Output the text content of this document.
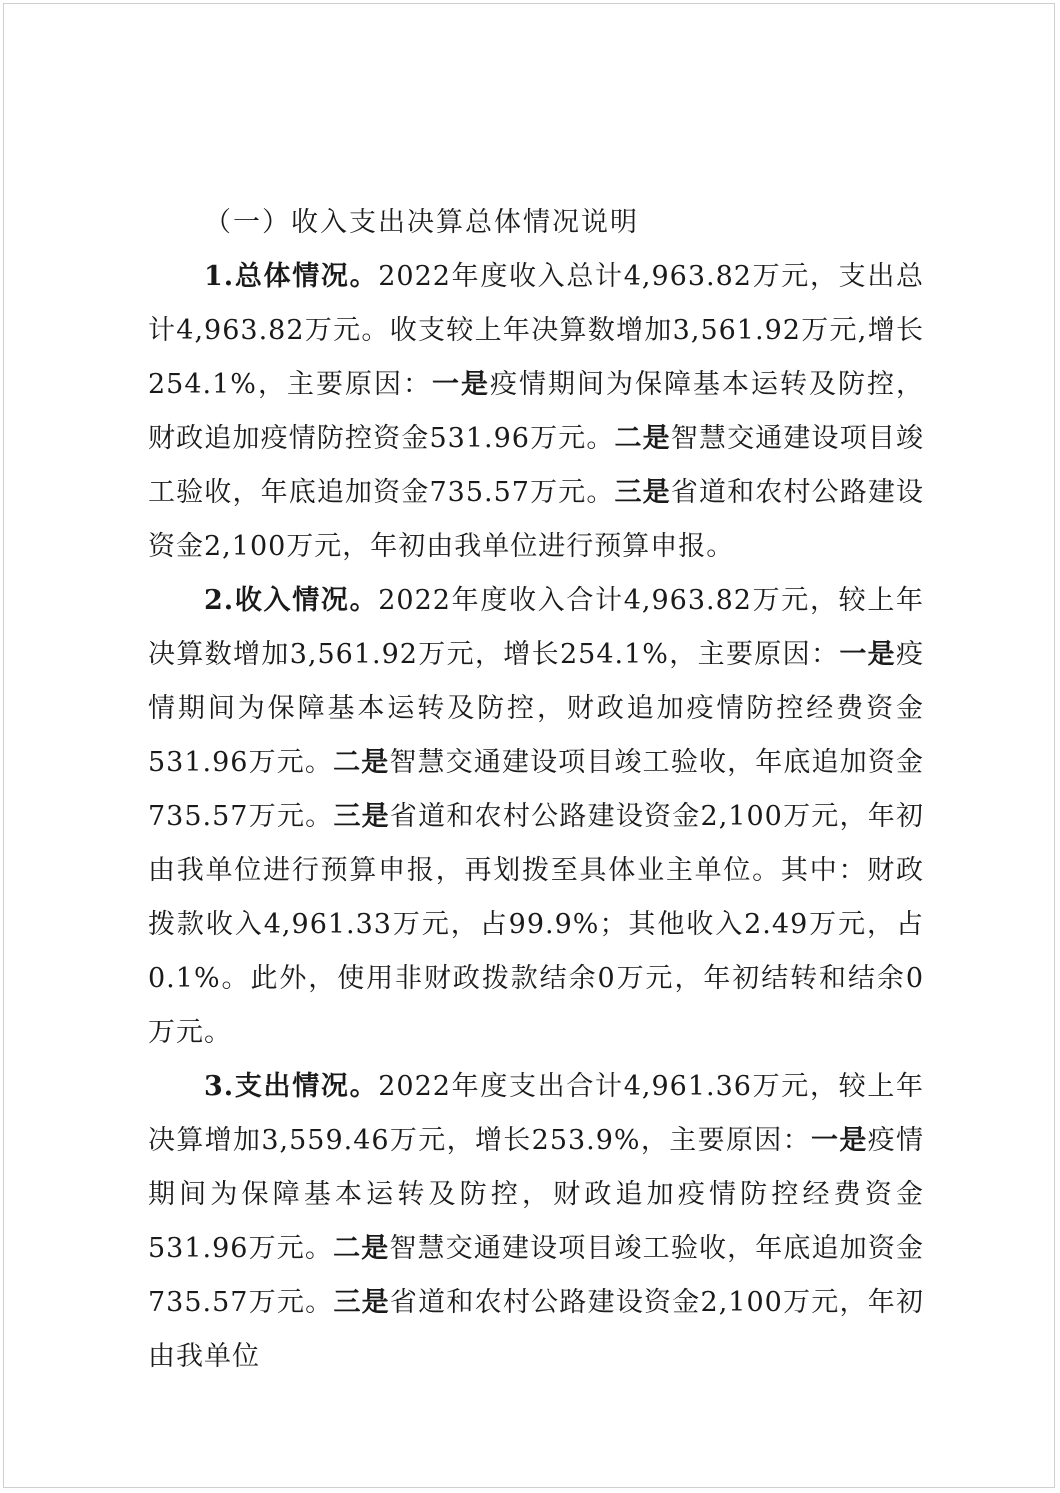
（一）收入支出决算总体情况说明

1.总体情况。2022年度收入总计4,963.82万元，支出总计4,963.82万元。收支较上年决算数增加3,561.92万元,增长254.1%，主要原因：一是疫情期间为保障基本运转及防控，财政追加疫情防控资金531.96万元。二是智慧交通建设项目竣工验收，年底追加资金735.57万元。三是省道和农村公路建设资金2,100万元，年初由我单位进行预算申报。

2.收入情况。2022年度收入合计4,963.82万元，较上年决算数增加3,561.92万元，增长254.1%，主要原因：一是疫情期间为保障基本运转及防控，财政追加疫情防控经费资金531.96万元。二是智慧交通建设项目竣工验收，年底追加资金735.57万元。三是省道和农村公路建设资金2,100万元，年初由我单位进行预算申报，再划拨至具体业主单位。其中：财政拨款收入4,961.33万元，占99.9%；其他收入2.49万元，占0.1%。此外，使用非财政拨款结余0万元，年初结转和结余0万元。

3.支出情况。2022年度支出合计4,961.36万元，较上年决算增加3,559.46万元，增长253.9%，主要原因：一是疫情期间为保障基本运转及防控，财政追加疫情防控经费资金531.96万元。二是智慧交通建设项目竣工验收，年底追加资金735.57万元。三是省道和农村公路建设资金2,100万元，年初由我单位
